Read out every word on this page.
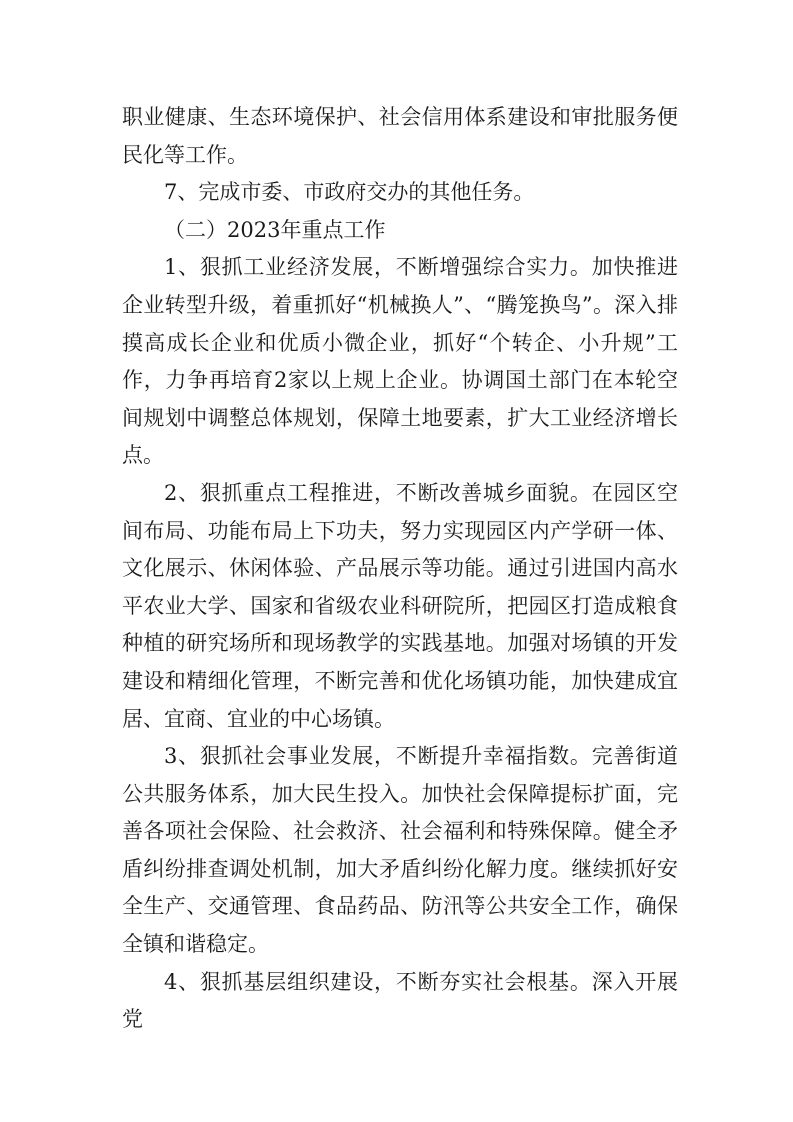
职业健康、生态环境保护、社会信用体系建设和审批服务便民化等工作。

7、完成市委、市政府交办的其他任务。

（二）2023年重点工作

1、狠抓工业经济发展，不断增强综合实力。加快推进企业转型升级，着重抓好“机械换人”、“腾笼换鸟”。深入排摸高成长企业和优质小微企业，抓好“个转企、小升规”工作，力争再培育2家以上规上企业。协调国土部门在本轮空间规划中调整总体规划，保障土地要素，扩大工业经济增长点。

2、狠抓重点工程推进，不断改善城乡面貌。在园区空间布局、功能布局上下功夫，努力实现园区内产学研一体、文化展示、休闲体验、产品展示等功能。通过引进国内高水平农业大学、国家和省级农业科研院所，把园区打造成粮食种植的研究场所和现场教学的实践基地。加强对场镇的开发建设和精细化管理，不断完善和优化场镇功能，加快建成宜居、宜商、宜业的中心场镇。

3、狠抓社会事业发展，不断提升幸福指数。完善街道公共服务体系，加大民生投入。加快社会保障提标扩面，完善各项社会保险、社会救济、社会福利和特殊保障。健全矛盾纠纷排查调处机制，加大矛盾纠纷化解力度。继续抓好安全生产、交通管理、食品药品、防汛等公共安全工作，确保全镇和谐稳定。

4、狠抓基层组织建设，不断夯实社会根基。深入开展党
